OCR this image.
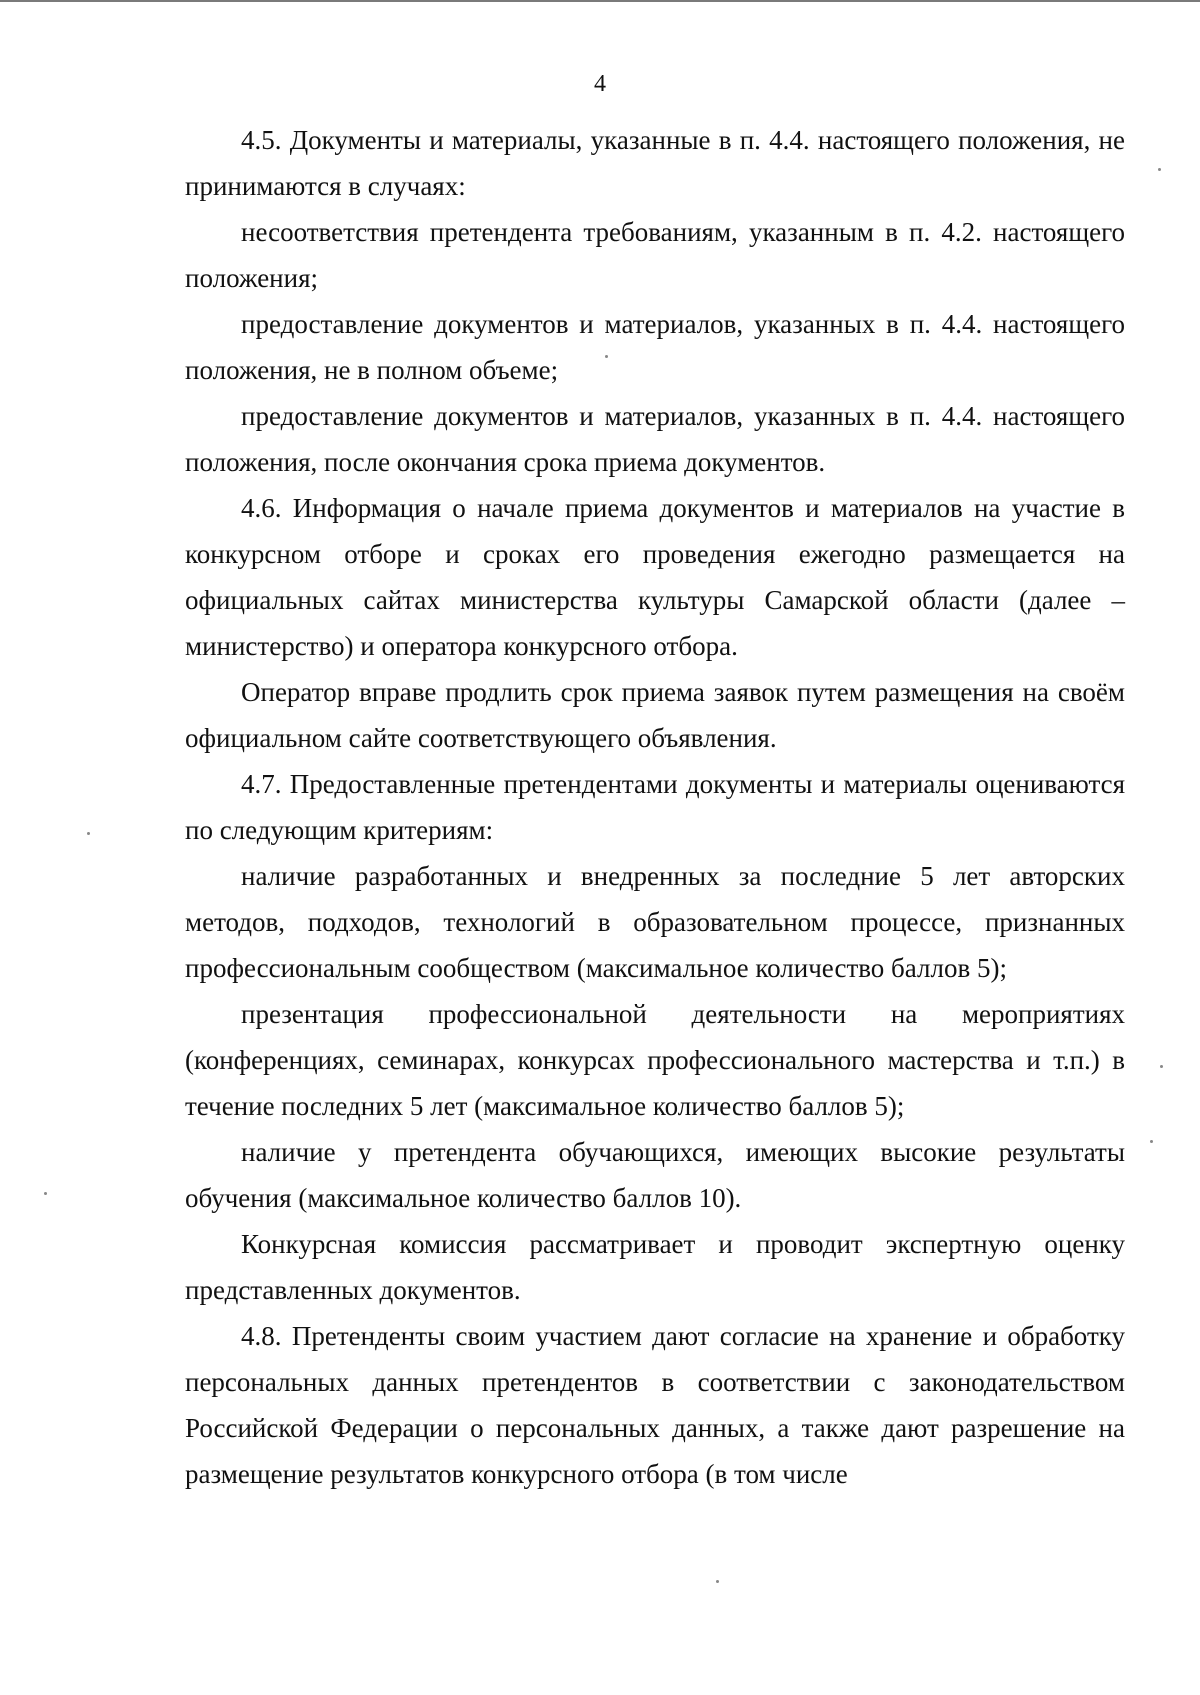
4

4.5. Документы и материалы, указанные в п. 4.4. настоящего положения, не принимаются в случаях:

несоответствия претендента требованиям, указанным в п. 4.2. настоящего положения;

предоставление документов и материалов, указанных в п. 4.4. настоящего положения, не в полном объеме;

предоставление документов и материалов, указанных в п. 4.4. настоящего положения, после окончания срока приема документов.

4.6. Информация о начале приема документов и материалов на участие в конкурсном отборе и сроках его проведения ежегодно размещается на официальных сайтах министерства культуры Самарской области (далее – министерство) и оператора конкурсного отбора.

Оператор вправе продлить срок приема заявок путем размещения на своём официальном сайте соответствующего объявления.

4.7. Предоставленные претендентами документы и материалы оцениваются по следующим критериям:

наличие разработанных и внедренных за последние 5 лет авторских методов, подходов, технологий в образовательном процессе, признанных профессиональным сообществом (максимальное количество баллов 5);

презентация профессиональной деятельности на мероприятиях (конференциях, семинарах, конкурсах профессионального мастерства и т.п.) в течение последних 5 лет (максимальное количество баллов 5);

наличие у претендента обучающихся, имеющих высокие результаты обучения (максимальное количество баллов 10).

Конкурсная комиссия рассматривает и проводит экспертную оценку представленных документов.

4.8. Претенденты своим участием дают согласие на хранение и обработку персональных данных претендентов в соответствии с законодательством Российской Федерации о персональных данных, а также дают разрешение на размещение результатов конкурсного отбора (в том числе
